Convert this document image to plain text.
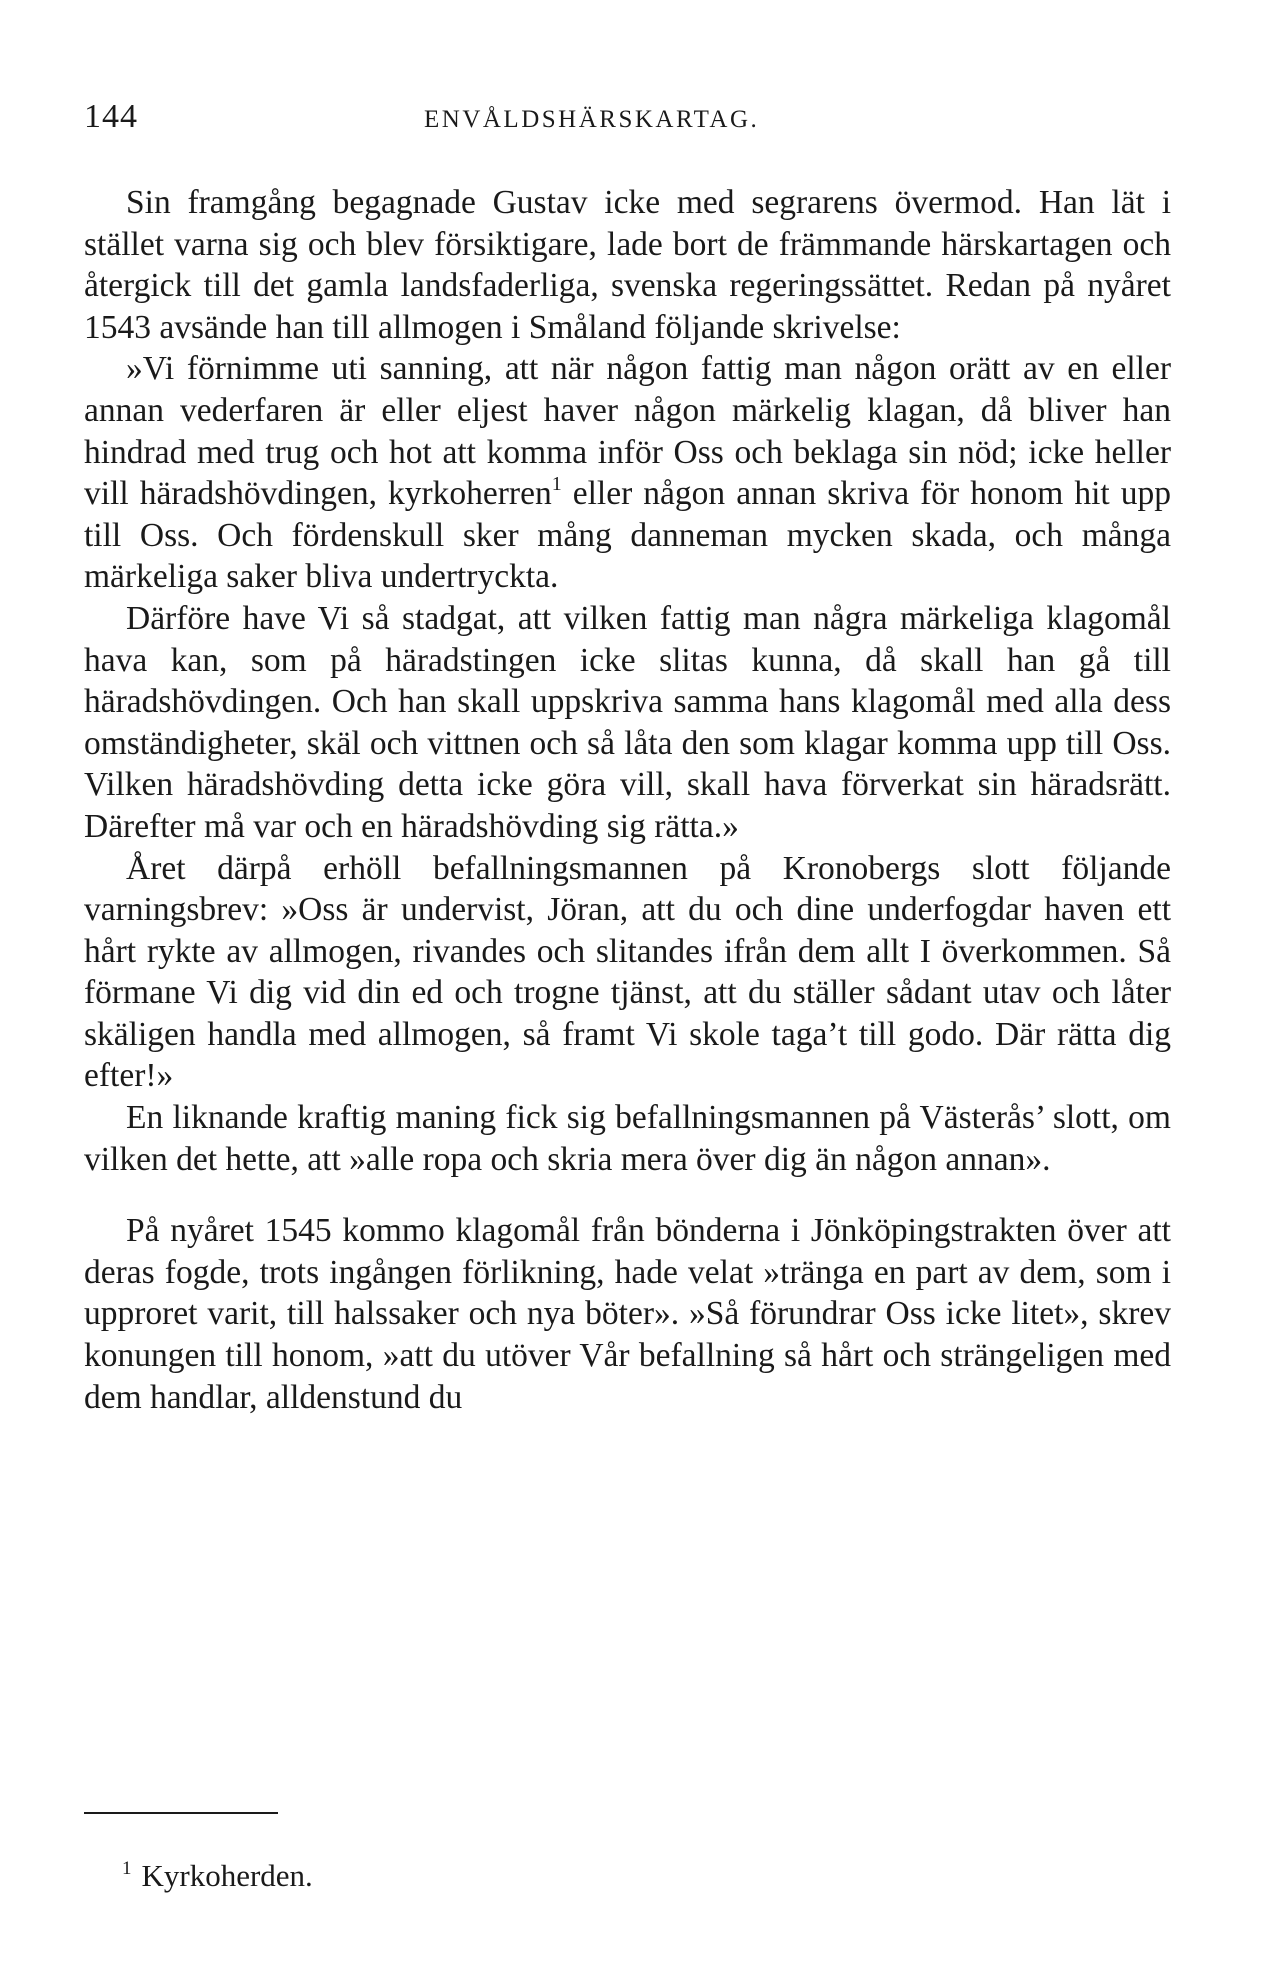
144	ENVÅLDSHÄRSKARTAG.

Sin framgång begagnade Gustav icke med segrarens övermod. Han lät i stället varna sig och blev försiktigare, lade bort de främmande härskartagen och återgick till det gamla landsfaderliga, svenska regeringssättet. Redan på nyåret 1543 avsände han till allmogen i Småland följande skrivelse:

»Vi förnimme uti sanning, att när någon fattig man någon orätt av en eller annan vederfaren är eller eljest haver någon märkelig klagan, då bliver han hindrad med trug och hot att komma inför Oss och beklaga sin nöd; icke heller vill häradshövdingen, kyrkoherren$^1$ eller någon annan skriva för honom hit upp till Oss. Och fördenskull sker mång danneman mycken skada, och många märkeliga saker bliva undertryckta.

Därföre have Vi så stadgat, att vilken fattig man några märkeliga klagomål hava kan, som på häradstingen icke slitas kunna, då skall han gå till häradshövdingen. Och han skall uppskriva samma hans klagomål med alla dess omständigheter, skäl och vittnen och så låta den som klagar komma upp till Oss. Vilken häradshövding detta icke göra vill, skall hava förverkat sin häradsrätt. Därefter må var och en häradshövding sig rätta.»

Året därpå erhöll befallningsmannen på Kronobergs slott följande varningsbrev: »Oss är undervist, Jöran, att du och dine underfogdar haven ett hårt rykte av allmogen, rivandes och slitandes ifrån dem allt I överkommen. Så förmane Vi dig vid din ed och trogne tjänst, att du ställer sådant utav och låter skäligen handla med allmogen, så framt Vi skole taga’t till godo. Där rätta dig efter!»

En liknande kraftig maning fick sig befallningsmannen på Västerås’ slott, om vilken det hette, att »alle ropa och skria mera över dig än någon annan».

På nyåret 1545 kommo klagomål från bönderna i Jönköpingstrakten över att deras fogde, trots ingången förlikning, hade velat »tränga en part av dem, som i upproret varit, till halssaker och nya böter». »Så förundrar Oss icke litet», skrev konungen till honom, »att du utöver Vår befallning så hårt och strängeligen med dem handlar, alldenstund du

$^1$ Kyrkoherden.
